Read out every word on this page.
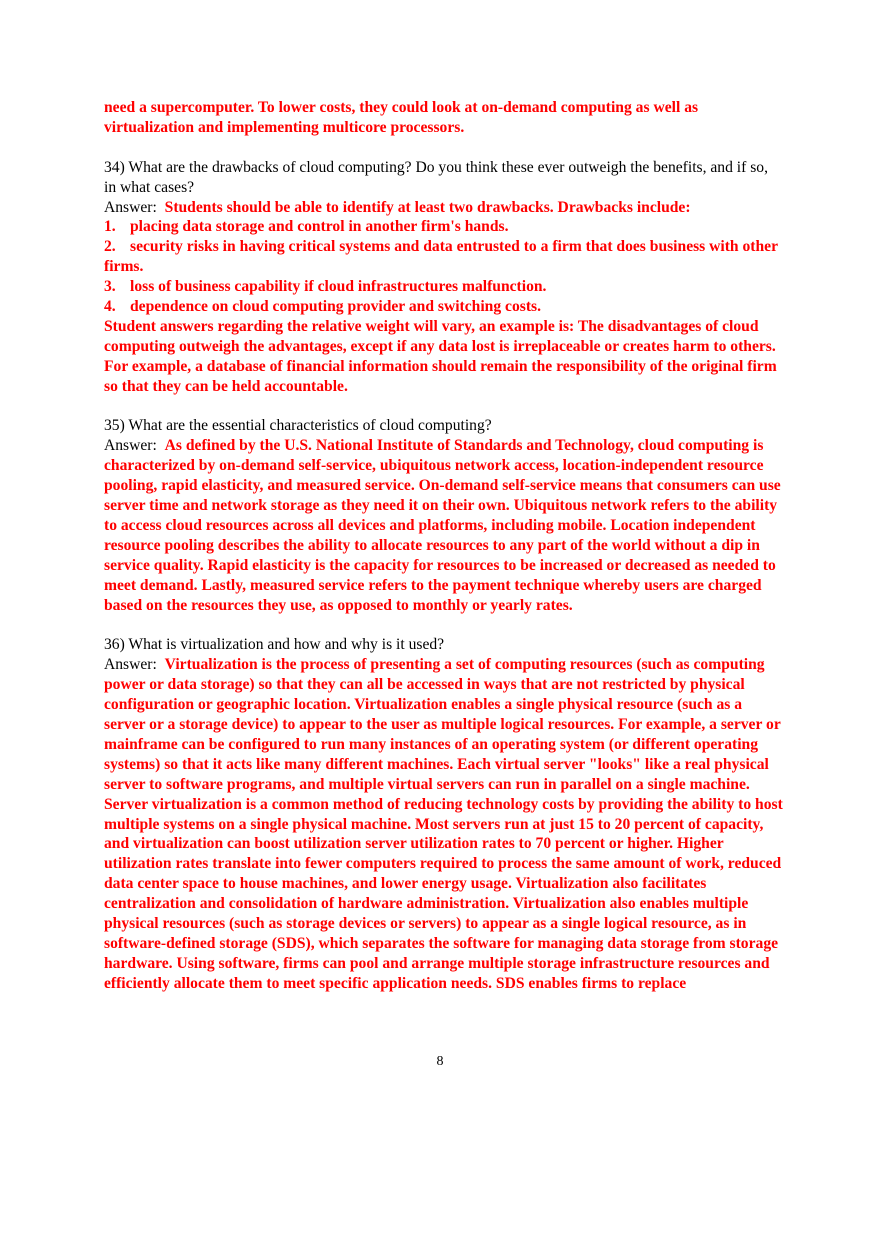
need a supercomputer. To lower costs, they could look at on-demand computing as well as virtualization and implementing multicore processors.

34) What are the drawbacks of cloud computing? Do you think these ever outweigh the benefits, and if so, in what cases?

Answer: Students should be able to identify at least two drawbacks. Drawbacks include:

1. placing data storage and control in another firm's hands.

2. security risks in having critical systems and data entrusted to a firm that does business with other firms.

3. loss of business capability if cloud infrastructures malfunction.

4. dependence on cloud computing provider and switching costs.

Student answers regarding the relative weight will vary, an example is: The disadvantages of cloud computing outweigh the advantages, except if any data lost is irreplaceable or creates harm to others. For example, a database of financial information should remain the responsibility of the original firm so that they can be held accountable.

35) What are the essential characteristics of cloud computing?

Answer: As defined by the U.S. National Institute of Standards and Technology, cloud computing is characterized by on-demand self-service, ubiquitous network access, location-independent resource pooling, rapid elasticity, and measured service. On-demand self-service means that consumers can use server time and network storage as they need it on their own. Ubiquitous network refers to the ability to access cloud resources across all devices and platforms, including mobile. Location independent resource pooling describes the ability to allocate resources to any part of the world without a dip in service quality. Rapid elasticity is the capacity for resources to be increased or decreased as needed to meet demand. Lastly, measured service refers to the payment technique whereby users are charged based on the resources they use, as opposed to monthly or yearly rates.

36) What is virtualization and how and why is it used?

Answer: Virtualization is the process of presenting a set of computing resources (such as computing power or data storage) so that they can all be accessed in ways that are not restricted by physical configuration or geographic location. Virtualization enables a single physical resource (such as a server or a storage device) to appear to the user as multiple logical resources. For example, a server or mainframe can be configured to run many instances of an operating system (or different operating systems) so that it acts like many different machines. Each virtual server "looks" like a real physical server to software programs, and multiple virtual servers can run in parallel on a single machine. Server virtualization is a common method of reducing technology costs by providing the ability to host multiple systems on a single physical machine. Most servers run at just 15 to 20 percent of capacity, and virtualization can boost utilization server utilization rates to 70 percent or higher. Higher utilization rates translate into fewer computers required to process the same amount of work, reduced data center space to house machines, and lower energy usage. Virtualization also facilitates centralization and consolidation of hardware administration. Virtualization also enables multiple physical resources (such as storage devices or servers) to appear as a single logical resource, as in software-defined storage (SDS), which separates the software for managing data storage from storage hardware. Using software, firms can pool and arrange multiple storage infrastructure resources and efficiently allocate them to meet specific application needs. SDS enables firms to replace

8
